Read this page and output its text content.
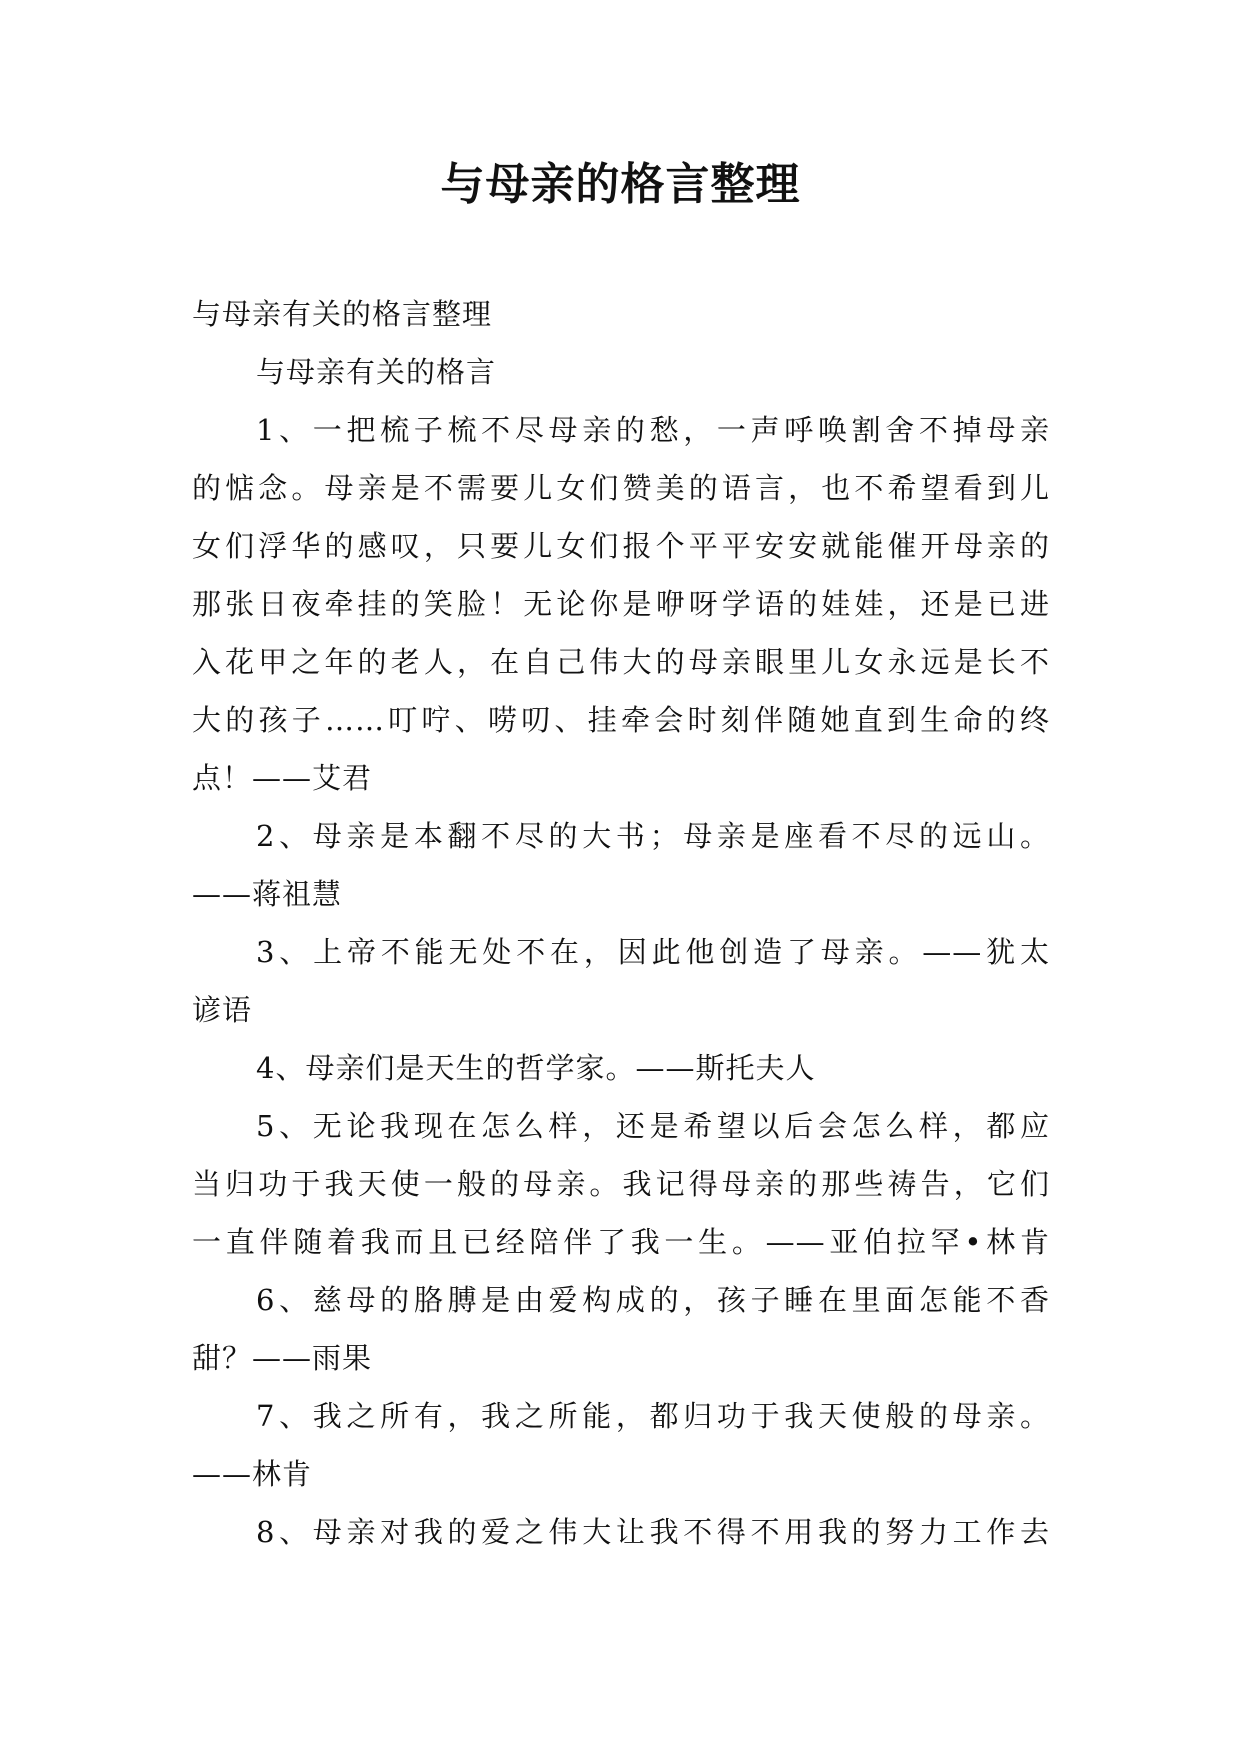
与母亲的格言整理
与母亲有关的格言整理
与母亲有关的格言
1、一把梳子梳不尽母亲的愁，一声呼唤割舍不掉母亲
的惦念。母亲是不需要儿女们赞美的语言，也不希望看到儿
女们浮华的感叹，只要儿女们报个平平安安就能催开母亲的
那张日夜牵挂的笑脸！无论你是咿呀学语的娃娃，还是已进
入花甲之年的老人，在自己伟大的母亲眼里儿女永远是长不
大的孩子……叮咛、唠叨、挂牵会时刻伴随她直到生命的终
点！——艾君
2、母亲是本翻不尽的大书；母亲是座看不尽的远山。
——蒋祖慧
3、上帝不能无处不在，因此他创造了母亲。——犹太
谚语
4、母亲们是天生的哲学家。——斯托夫人
5、无论我现在怎么样，还是希望以后会怎么样，都应
当归功于我天使一般的母亲。我记得母亲的那些祷告，它们
一直伴随着我而且已经陪伴了我一生。——亚伯拉罕•林肯
6、慈母的胳膊是由爱构成的，孩子睡在里面怎能不香
甜？——雨果
7、我之所有，我之所能，都归功于我天使般的母亲。
——林肯
8、母亲对我的爱之伟大让我不得不用我的努力工作去
